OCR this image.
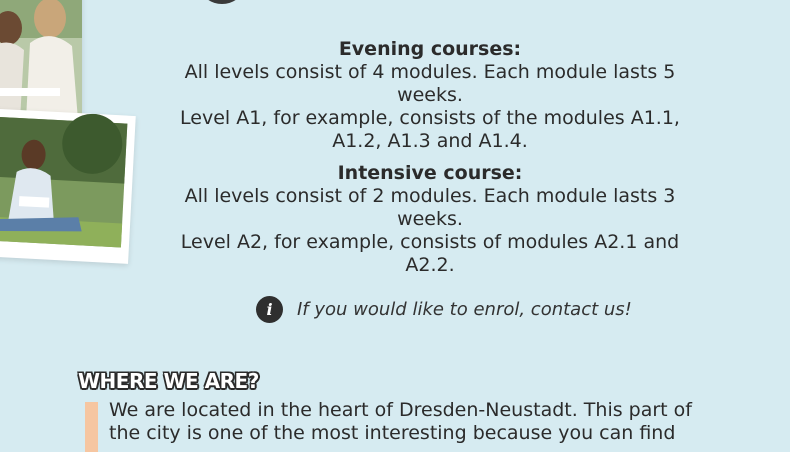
Evening courses:
All levels consist of 4 modules. Each module lasts 5 weeks.
Level A1, for example, consists of the modules A1.1, A1.2, A1.3 and A1.4.
Intensive course:
All levels consist of 2 modules. Each module lasts 3 weeks.
Level A2, for example, consists of modules A2.1 and A2.2.
i	If you would like to enrol, contact us!
WHERE WE ARE?
We are located in the heart of Dresden-Neustadt. This part of the city is one of the most interesting because you can find
